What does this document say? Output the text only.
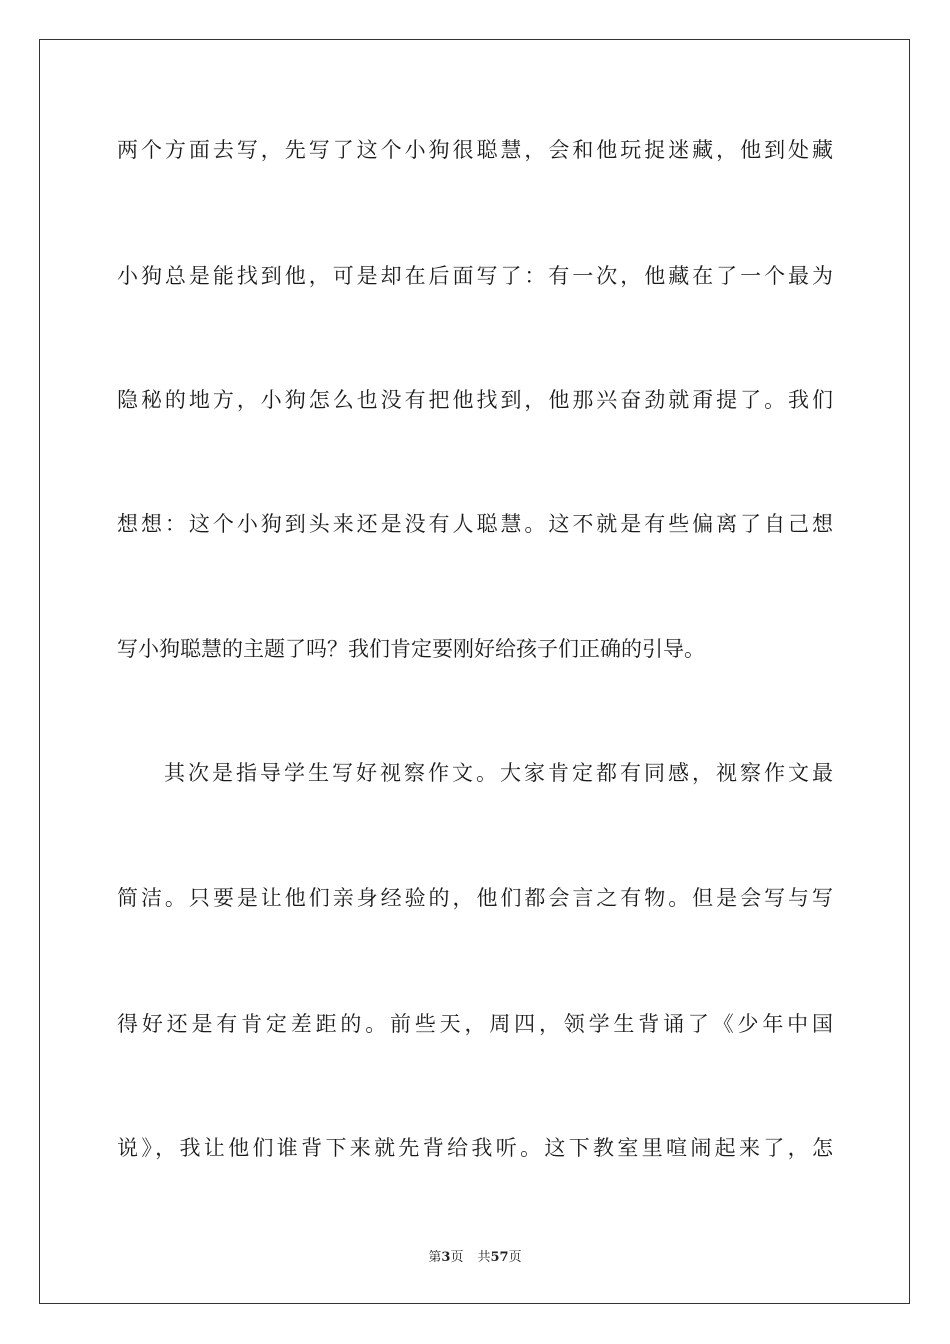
两个方面去写，先写了这个小狗很聪慧，会和他玩捉迷藏，他到处藏
小狗总是能找到他，可是却在后面写了：有一次，他藏在了一个最为
隐秘的地方，小狗怎么也没有把他找到，他那兴奋劲就甭提了。我们
想想：这个小狗到头来还是没有人聪慧。这不就是有些偏离了自己想
写小狗聪慧的主题了吗？我们肯定要刚好给孩子们正确的引导。
其次是指导学生写好视察作文。大家肯定都有同感，视察作文最
简洁。只要是让他们亲身经验的，他们都会言之有物。但是会写与写
得好还是有肯定差距的。前些天，周四，领学生背诵了《少年中国
说》，我让他们谁背下来就先背给我听。这下教室里喧闹起来了，怎
第3页 共57页
